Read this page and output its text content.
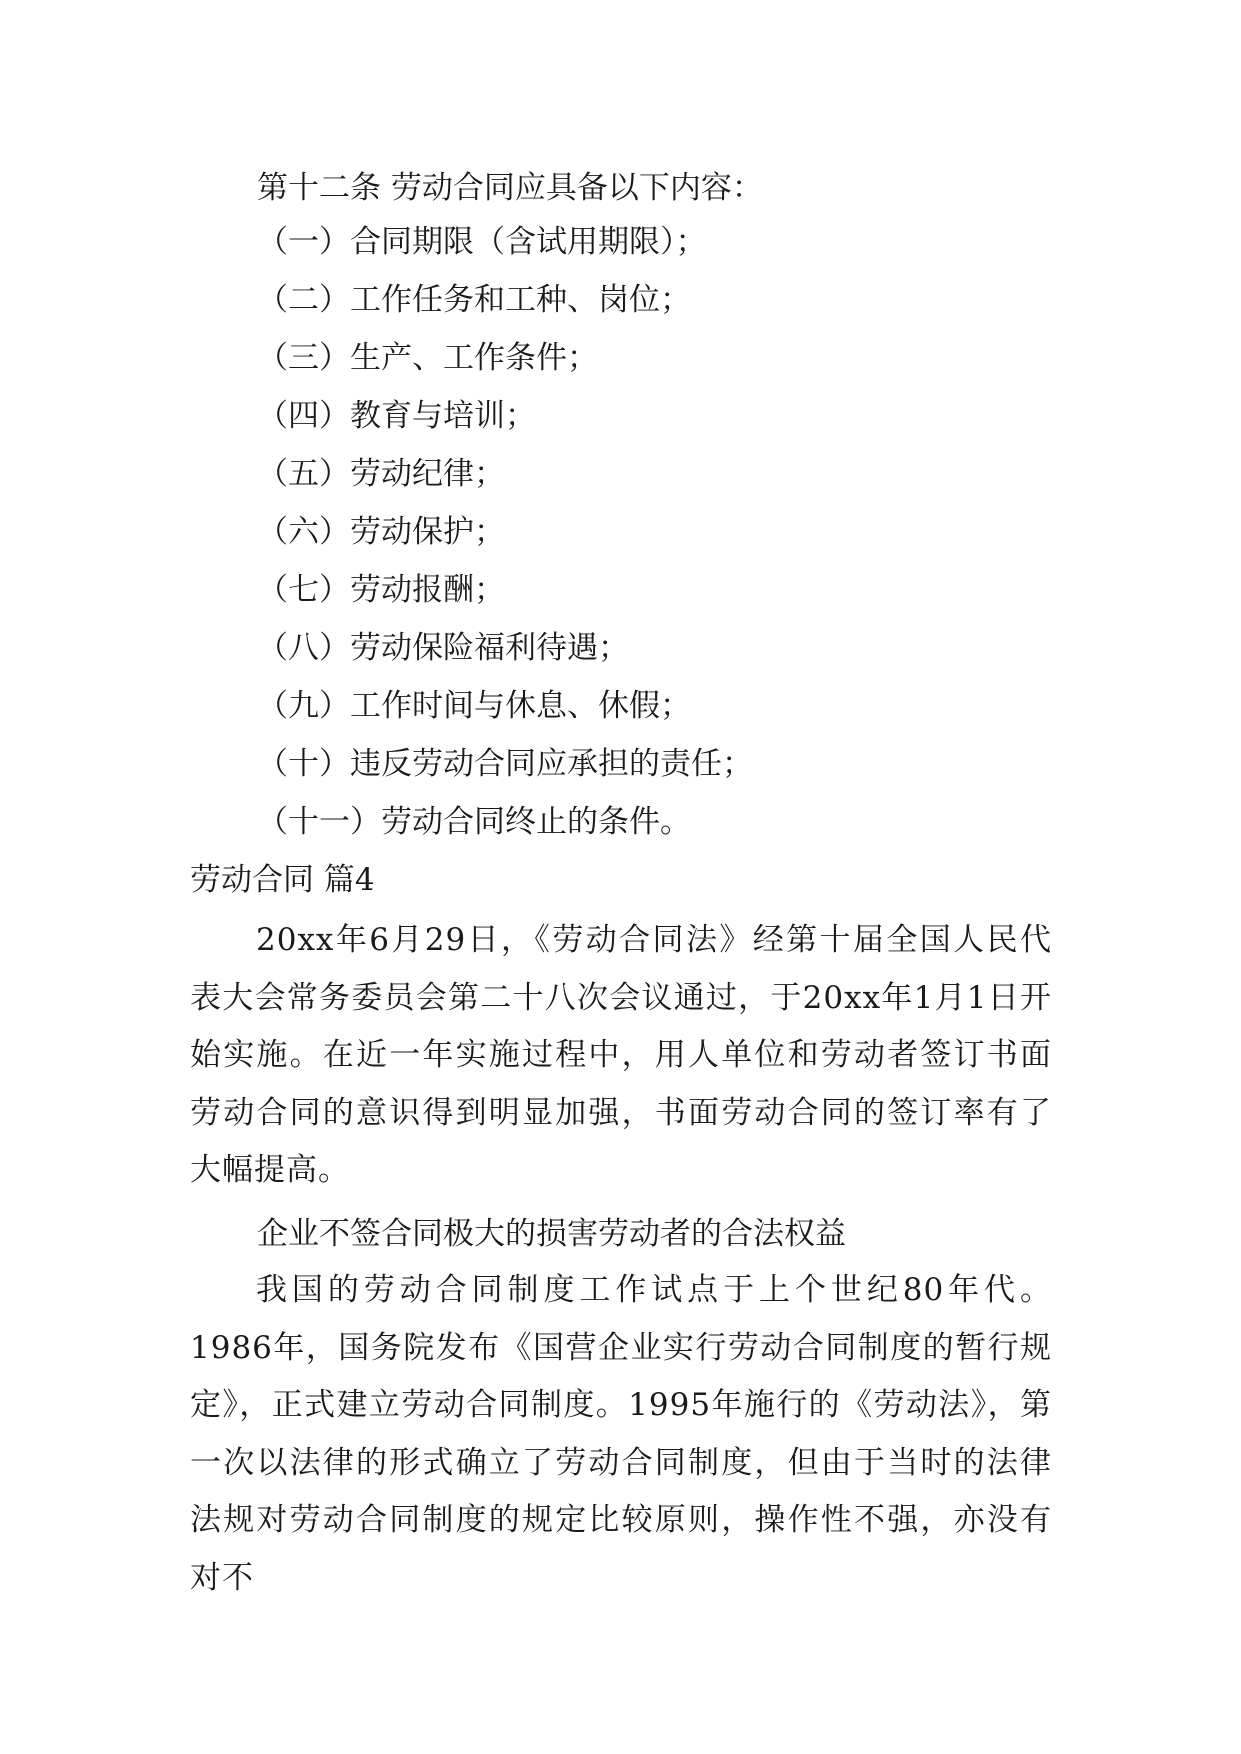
第十二条 劳动合同应具备以下内容：
（一）合同期限（含试用期限）；
（二）工作任务和工种、岗位；
（三）生产、工作条件；
（四）教育与培训；
（五）劳动纪律；
（六）劳动保护；
（七）劳动报酬；
（八）劳动保险福利待遇；
（九）工作时间与休息、休假；
（十）违反劳动合同应承担的责任；
（十一）劳动合同终止的条件。
劳动合同 篇4
20xx年6月29日，《劳动合同法》经第十届全国人民代表大会常务委员会第二十八次会议通过，于20xx年1月1日开始实施。在近一年实施过程中，用人单位和劳动者签订书面劳动合同的意识得到明显加强，书面劳动合同的签订率有了大幅提高。
企业不签合同极大的损害劳动者的合法权益
我国的劳动合同制度工作试点于上个世纪80年代。1986年，国务院发布《国营企业实行劳动合同制度的暂行规定》，正式建立劳动合同制度。1995年施行的《劳动法》，第一次以法律的形式确立了劳动合同制度，但由于当时的法律法规对劳动合同制度的规定比较原则，操作性不强，亦没有对不
